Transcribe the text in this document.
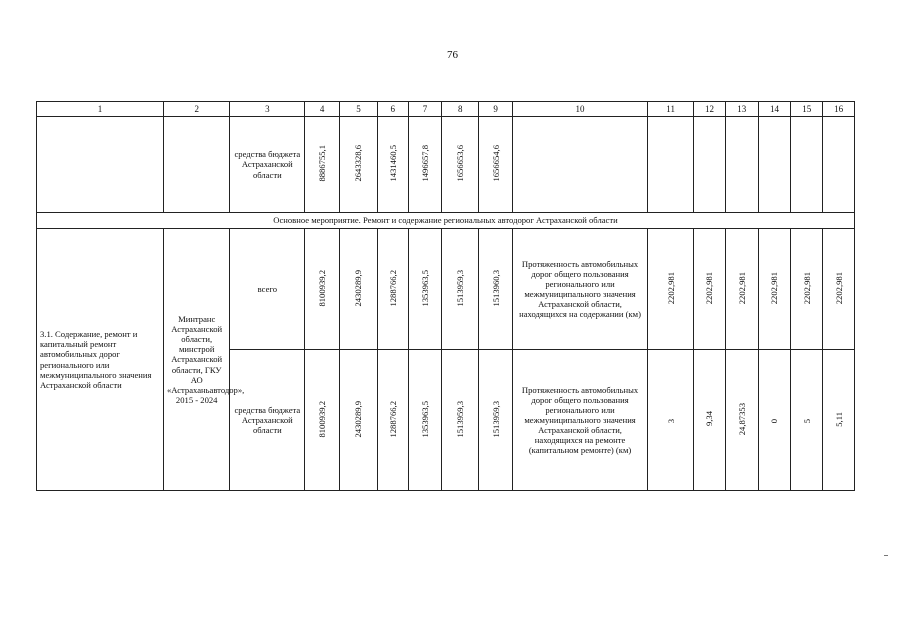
76
1	2	3	4	5	6	7	8	9	10	11	12	13	14	15	16
		средства бюджета Астраханской области	8886755,1	2643328,6	1431460,5	1496657,8	1656653,6	1656654,6							
Основное мероприятие. Ремонт и содержание региональных автодорог Астраханской области															
3.1. Содержание, ремонт и капитальный ремонт автомобильных дорог регионального или межмуниципального значения Астраханской области	Минтранс Астраханской области, минстрой Астраханской области, ГКУ АО «Астраханьавтодор», 2015 - 2024	всего	8100939,2	2430289,9	1288766,2	1353963,5	1513959,3	1513960,3	Протяженность автомобильных дорог общего пользования регионального или межмуниципального значения Астраханской области, находящихся на содержании (км)	2202,981	2202,981	2202,981	2202,981	2202,981	2202,981
		средства бюджета Астраханской области	8100939,2	2430289,9	1288766,2	1353963,5	1513959,3	1513959,3	Протяженность автомобильных дорог общего пользования регионального или межмуниципального значения Астраханской области, находящихся на ремонте (капитальном ремонте) (км)	3	9,34	24,87353	0	5	5,11
